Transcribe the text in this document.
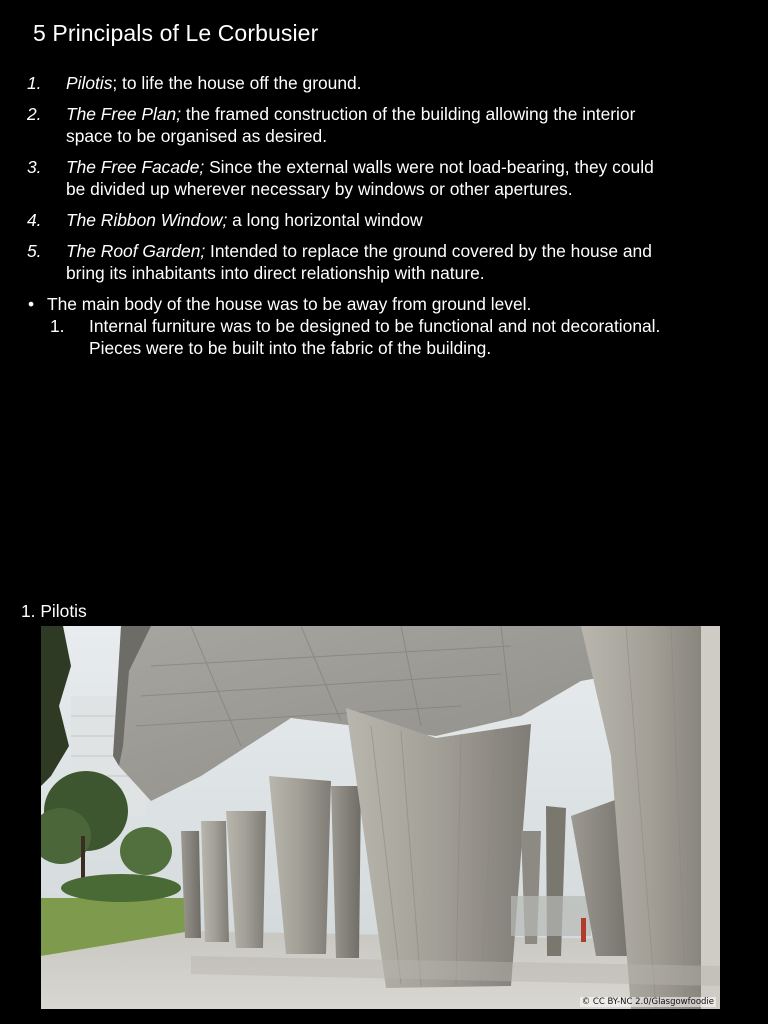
5 Principals of Le Corbusier
1. Pilotis; to life the house off the ground.
2. The Free Plan; the framed construction of the building allowing the interior space to be organised as desired.
3. The Free Facade; Since the external walls were not load-bearing, they could be divided up wherever necessary by windows or other apertures.
4. The Ribbon Window; a long horizontal window
5. The Roof Garden; Intended to replace the ground covered by the house and bring its inhabitants into direct relationship with nature.
• The main body of the house was to be away from ground level.
1. Internal furniture was to be designed to be functional and not decorational. Pieces were to be built into the fabric of the building.
1. Pilotis
© CC BY-NC 2.0/Glasgowfoodie
